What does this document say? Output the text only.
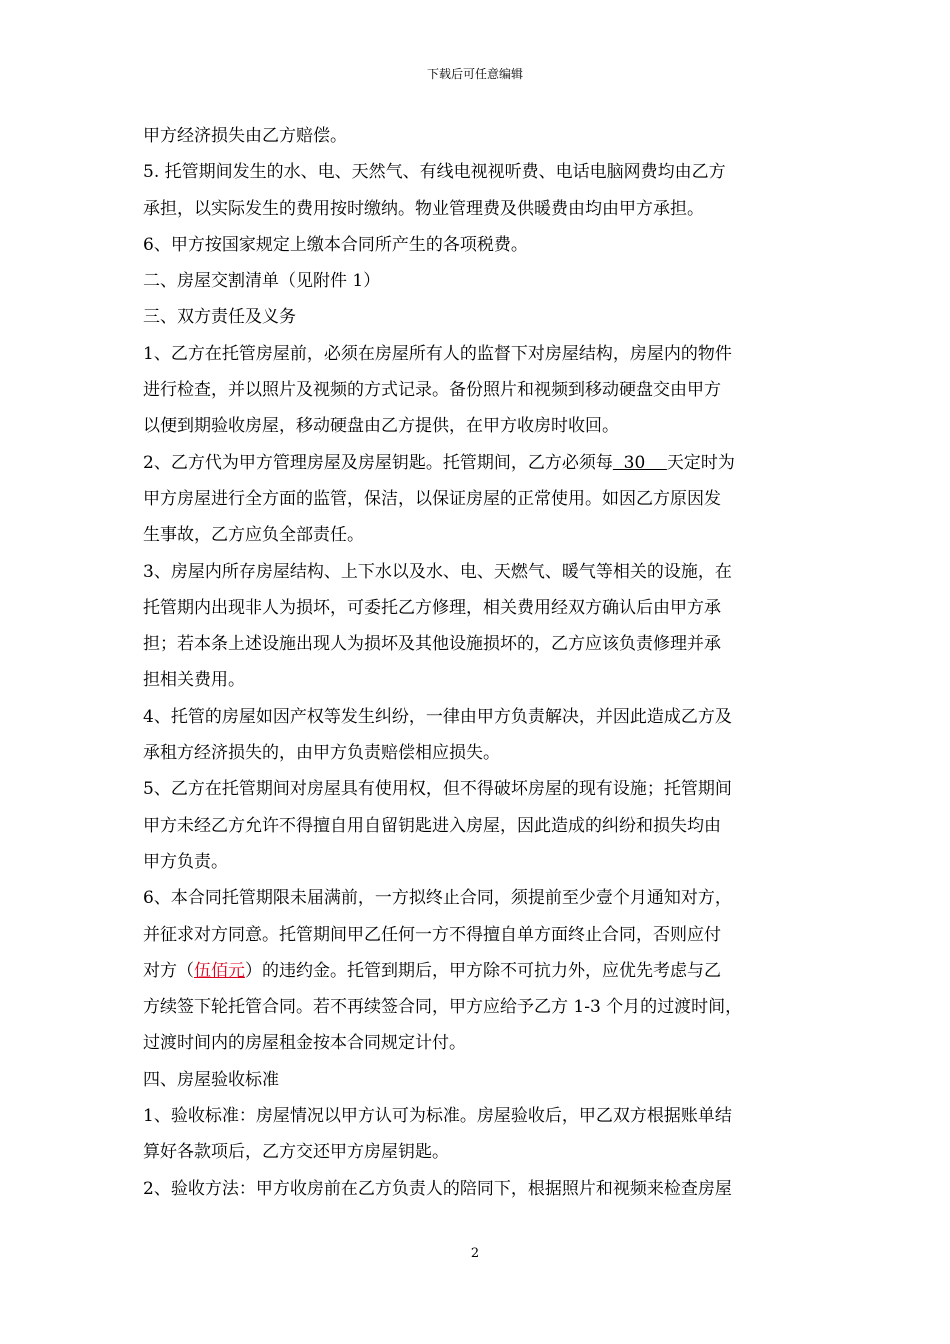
下载后可任意编辑

甲方经济损失由乙方赔偿。

5. 托管期间发生的水、电、天然气、有线电视视听费、电话电脑网费均由乙方

承担，以实际发生的费用按时缴纳。物业管理费及供暖费由均由甲方承担。

6、甲方按国家规定上缴本合同所产生的各项税费。

二、房屋交割清单（见附件 1）

三、双方责任及义务

1、乙方在托管房屋前，必须在房屋所有人的监督下对房屋结构，房屋内的物件

进行检查，并以照片及视频的方式记录。备份照片和视频到移动硬盘交由甲方

以便到期验收房屋，移动硬盘由乙方提供，在甲方收房时收回。

2、乙方代为甲方管理房屋及房屋钥匙。托管期间，乙方必须每  30    天定时为

甲方房屋进行全方面的监管，保洁，以保证房屋的正常使用。如因乙方原因发

生事故，乙方应负全部责任。

3、房屋内所存房屋结构、上下水以及水、电、天燃气、暖气等相关的设施，在

托管期内出现非人为损坏，可委托乙方修理，相关费用经双方确认后由甲方承

担；若本条上述设施出现人为损坏及其他设施损坏的，乙方应该负责修理并承

担相关费用。

4、托管的房屋如因产权等发生纠纷，一律由甲方负责解决，并因此造成乙方及

承租方经济损失的，由甲方负责赔偿相应损失。

5、乙方在托管期间对房屋具有使用权，但不得破坏房屋的现有设施；托管期间

甲方未经乙方允许不得擅自用自留钥匙进入房屋，因此造成的纠纷和损失均由

甲方负责。

6、本合同托管期限未届满前，一方拟终止合同，须提前至少壹个月通知对方，

并征求对方同意。托管期间甲乙任何一方不得擅自单方面终止合同，否则应付

对方（伍佰元）的违约金。托管到期后，甲方除不可抗力外，应优先考虑与乙

方续签下轮托管合同。若不再续签合同，甲方应给予乙方 1-3 个月的过渡时间，

过渡时间内的房屋租金按本合同规定计付。

四、房屋验收标准

1、验收标准：房屋情况以甲方认可为标准。房屋验收后，甲乙双方根据账单结

算好各款项后，乙方交还甲方房屋钥匙。

2、验收方法：甲方收房前在乙方负责人的陪同下，根据照片和视频来检查房屋

2
